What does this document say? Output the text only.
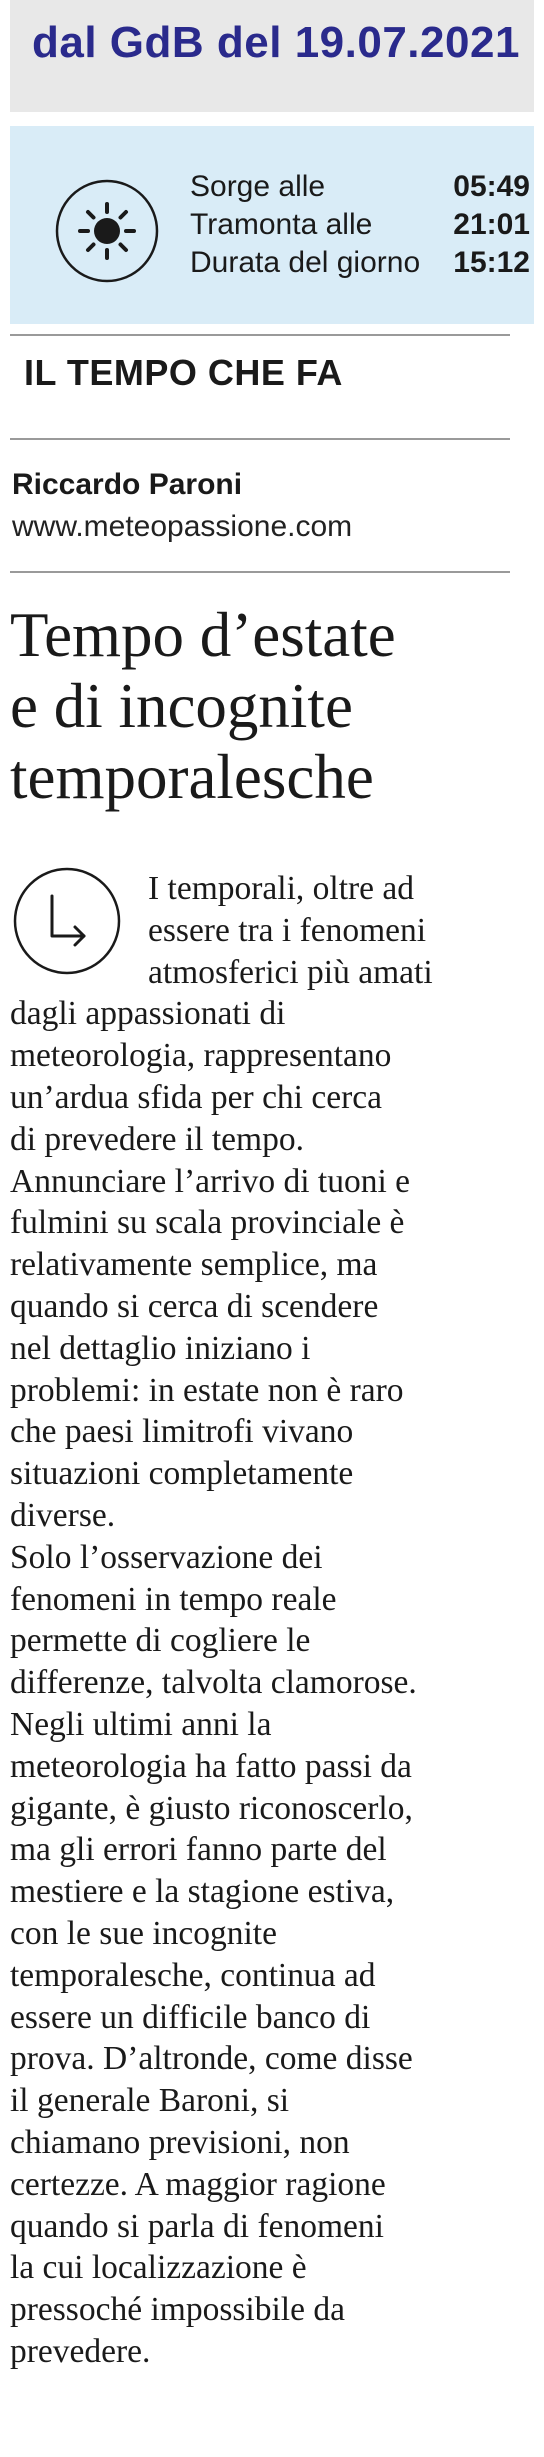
dal GdB del 19.07.2021
Sorge alle	05:49
Tramonta alle	21:01
Durata del giorno 15:12
IL TEMPO CHE FA
Riccardo Paroni
www.meteopassione.com
Tempo d’estate
e di incognite
temporalesche
I temporali, oltre ad
essere tra i fenomeni
atmosferici più amati
dagli appassionati di
meteorologia, rappresentano
un’ardua sfida per chi cerca
di prevedere il tempo.
Annunciare l’arrivo di tuoni e
fulmini su scala provinciale è
relativamente semplice, ma
quando si cerca di scendere
nel dettaglio iniziano i
problemi: in estate non è raro
che paesi limitrofi vivano
situazioni completamente
diverse.
Solo l’osservazione dei
fenomeni in tempo reale
permette di cogliere le
differenze, talvolta clamorose.
Negli ultimi anni la
meteorologia ha fatto passi da
gigante, è giusto riconoscerlo,
ma gli errori fanno parte del
mestiere e la stagione estiva,
con le sue incognite
temporalesche, continua ad
essere un difficile banco di
prova. D’altronde, come disse
il generale Baroni, si
chiamano previsioni, non
certezze. A maggior ragione
quando si parla di fenomeni
la cui localizzazione è
pressoché impossibile da
prevedere.
